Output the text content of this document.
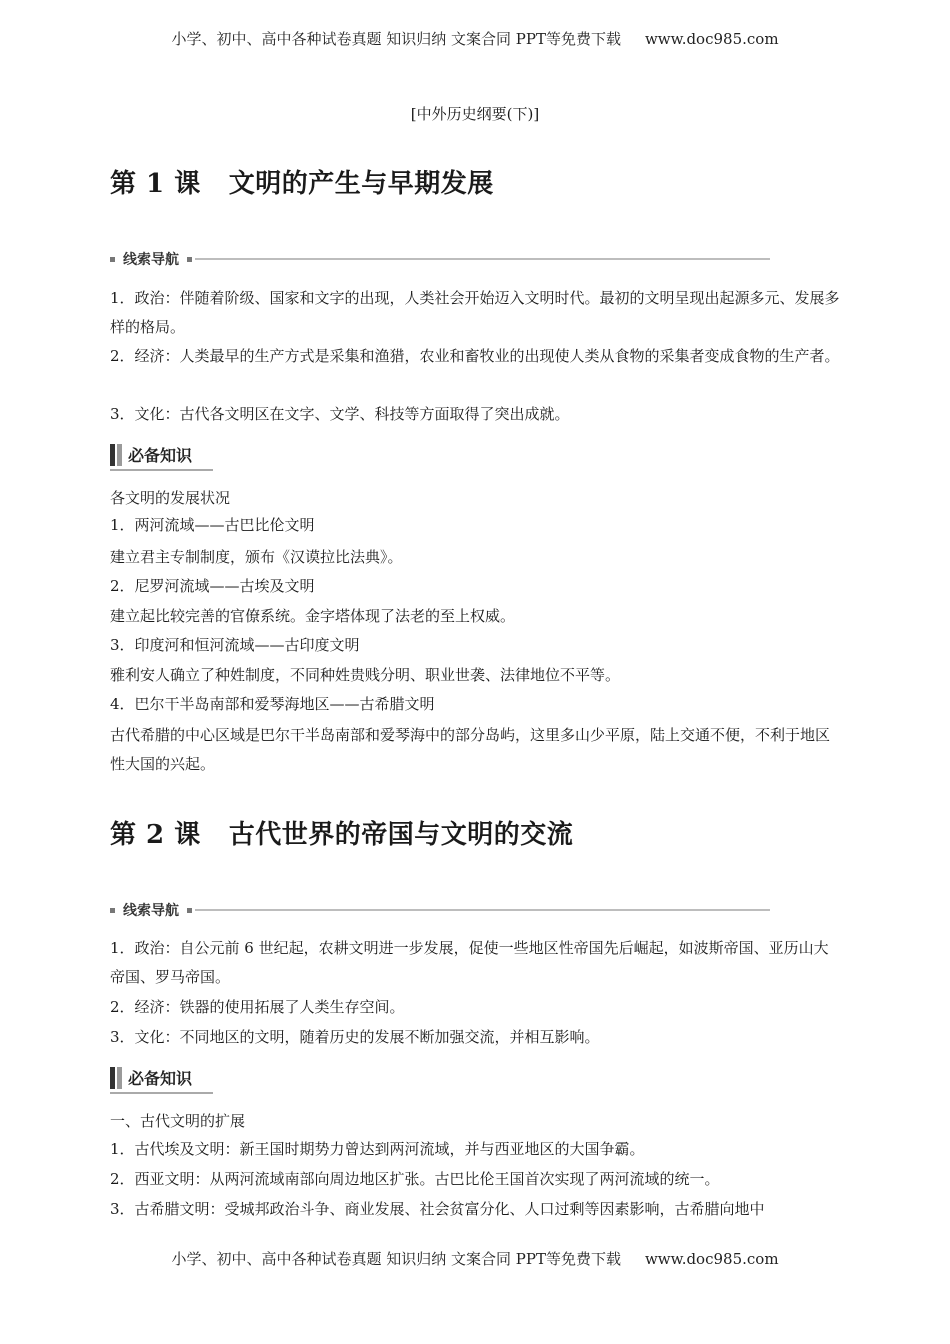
小学、初中、高中各种试卷真题 知识归纳 文案合同 PPT等免费下载 www.doc985.com
[中外历史纲要(下)]
第 1 课 文明的产生与早期发展
线索导航
1．政治：伴随着阶级、国家和文字的出现，人类社会开始迈入文明时代。最初的文明呈现出起源多元、发展多样的格局。
2．经济：人类最早的生产方式是采集和渔猎，农业和畜牧业的出现使人类从食物的采集者变成食物的生产者。
3．文化：古代各文明区在文字、文学、科技等方面取得了突出成就。
必备知识
各文明的发展状况
1．两河流域——古巴比伦文明
建立君主专制制度，颁布《汉谟拉比法典》。
2．尼罗河流域——古埃及文明
建立起比较完善的官僚系统。金字塔体现了法老的至上权威。
3．印度河和恒河流域——古印度文明
雅利安人确立了种姓制度，不同种姓贵贱分明、职业世袭、法律地位不平等。
4．巴尔干半岛南部和爱琴海地区——古希腊文明
古代希腊的中心区域是巴尔干半岛南部和爱琴海中的部分岛屿，这里多山少平原，陆上交通不便，不利于地区性大国的兴起。
第 2 课 古代世界的帝国与文明的交流
线索导航
1．政治：自公元前 6 世纪起，农耕文明进一步发展，促使一些地区性帝国先后崛起，如波斯帝国、亚历山大帝国、罗马帝国。
2．经济：铁器的使用拓展了人类生存空间。
3．文化：不同地区的文明，随着历史的发展不断加强交流，并相互影响。
必备知识
一、古代文明的扩展
1．古代埃及文明：新王国时期势力曾达到两河流域，并与西亚地区的大国争霸。
2．西亚文明：从两河流域南部向周边地区扩张。古巴比伦王国首次实现了两河流域的统一。
3．古希腊文明：受城邦政治斗争、商业发展、社会贫富分化、人口过剩等因素影响，古希腊向地中
小学、初中、高中各种试卷真题 知识归纳 文案合同 PPT等免费下载 www.doc985.com
